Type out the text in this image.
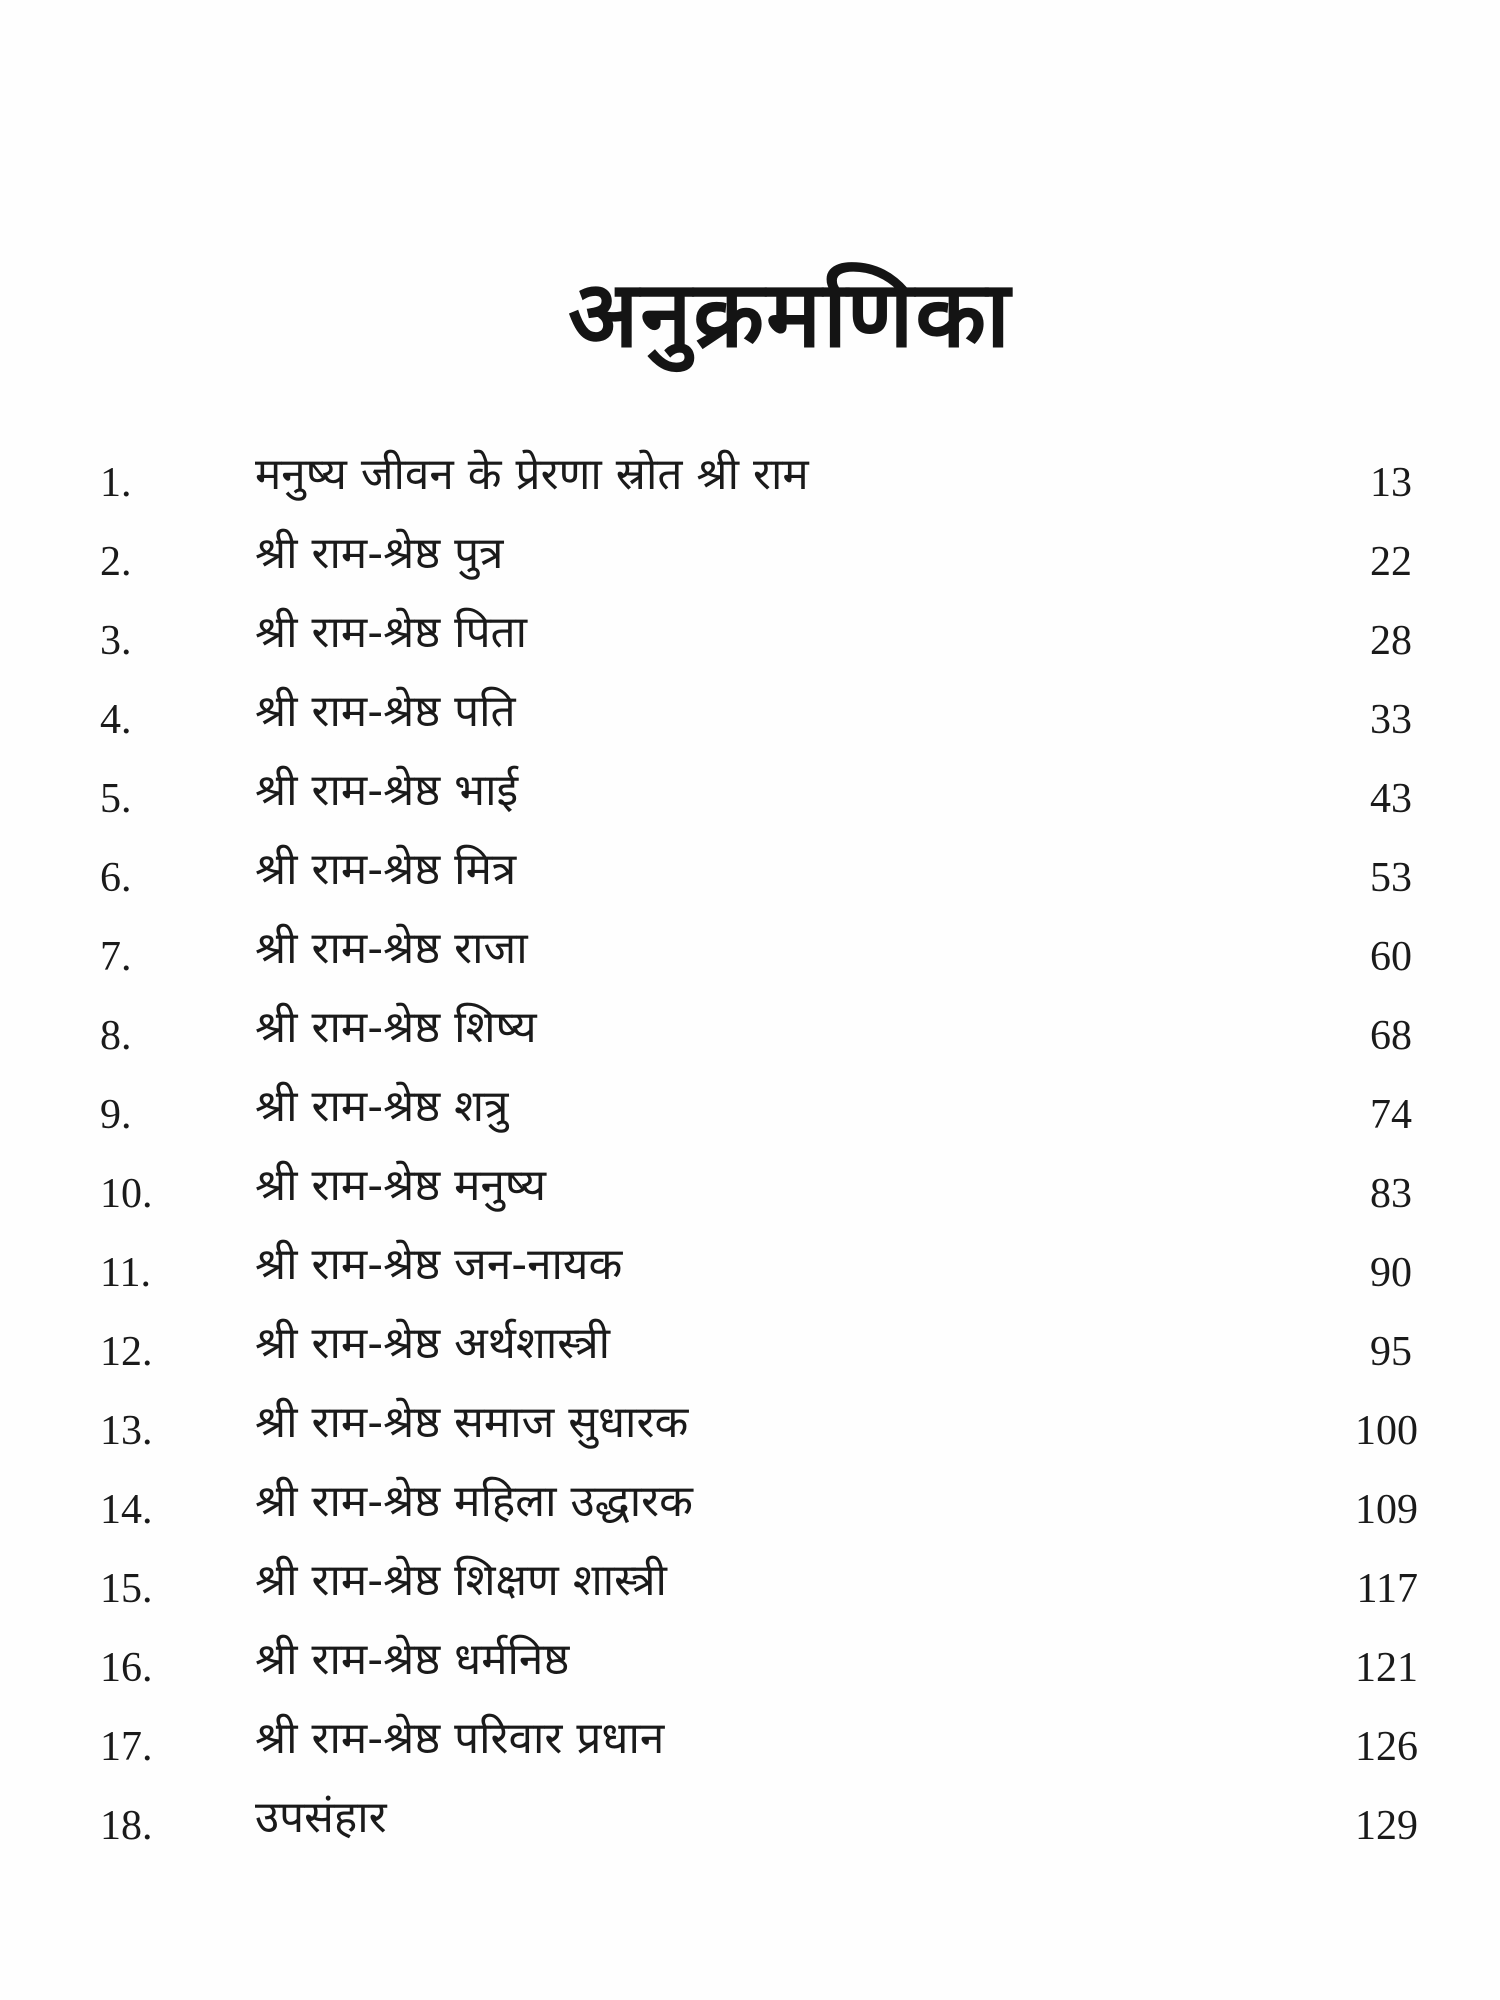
अनुक्रमणिका
1.	मनुष्य जीवन के प्रेरणा स्रोत श्री राम	13
2.	श्री राम-श्रेष्ठ पुत्र	22
3.	श्री राम-श्रेष्ठ पिता	28
4.	श्री राम-श्रेष्ठ पति	33
5.	श्री राम-श्रेष्ठ भाई	43
6.	श्री राम-श्रेष्ठ मित्र	53
7.	श्री राम-श्रेष्ठ राजा	60
8.	श्री राम-श्रेष्ठ शिष्य	68
9.	श्री राम-श्रेष्ठ शत्रु	74
10. श्री राम-श्रेष्ठ मनुष्य	83
11. श्री राम-श्रेष्ठ जन-नायक	90
12. श्री राम-श्रेष्ठ अर्थशास्त्री	95
13. श्री राम-श्रेष्ठ समाज सुधारक	100
14. श्री राम-श्रेष्ठ महिला उद्धारक	109
15. श्री राम-श्रेष्ठ शिक्षण शास्त्री	117
16. श्री राम-श्रेष्ठ धर्मनिष्ठ	121
17. श्री राम-श्रेष्ठ परिवार प्रधान	126
18. उपसंहार	129
